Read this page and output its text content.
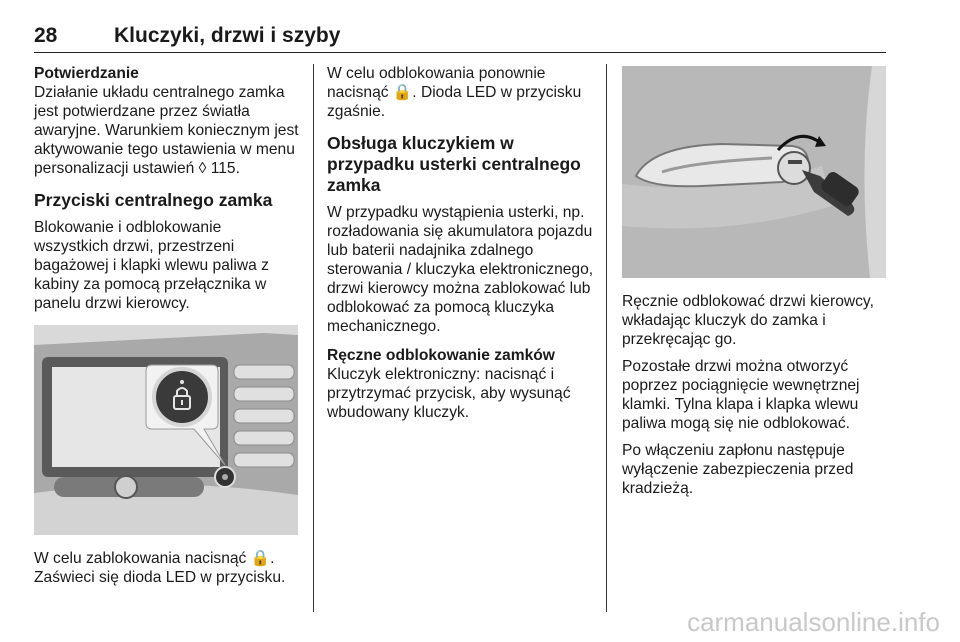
28	Kluczyki, drzwi i szyby
Potwierdzanie

Działanie układu centralnego zamka jest potwierdzane przez światła awaryjne. Warunkiem koniecznym jest aktywowanie tego ustawienia w menu personalizacji ustawień ◊ 115.

Przyciski centralnego zamka

Blokowanie i odblokowanie wszystkich drzwi, przestrzeni bagażowej i klapki wlewu paliwa z kabiny za pomocą przełącznika w panelu drzwi kierowcy.

W celu zablokowania nacisnąć 🔒. Zaświeci się dioda LED w przycisku.

W celu odblokowania ponownie nacisnąć 🔒. Dioda LED w przycisku zgaśnie.

Obsługa kluczykiem w przypadku usterki centralnego zamka

W przypadku wystąpienia usterki, np. rozładowania się akumulatora pojazdu lub baterii nadajnika zdalnego sterowania / kluczyka elektronicznego, drzwi kierowcy można zablokować lub odblokować za pomocą kluczyka mechanicznego.

Ręczne odblokowanie zamków

Kluczyk elektroniczny: nacisnąć i przytrzymać przycisk, aby wysunąć wbudowany kluczyk.

Ręcznie odblokować drzwi kierowcy, wkładając kluczyk do zamka i przekręcając go.

Pozostałe drzwi można otworzyć poprzez pociągnięcie wewnętrznej klamki. Tylna klapa i klapka wlewu paliwa mogą się nie odblokować.

Po włączeniu zapłonu następuje wyłączenie zabezpieczenia przed kradzieżą.

carmanualsonline.info
